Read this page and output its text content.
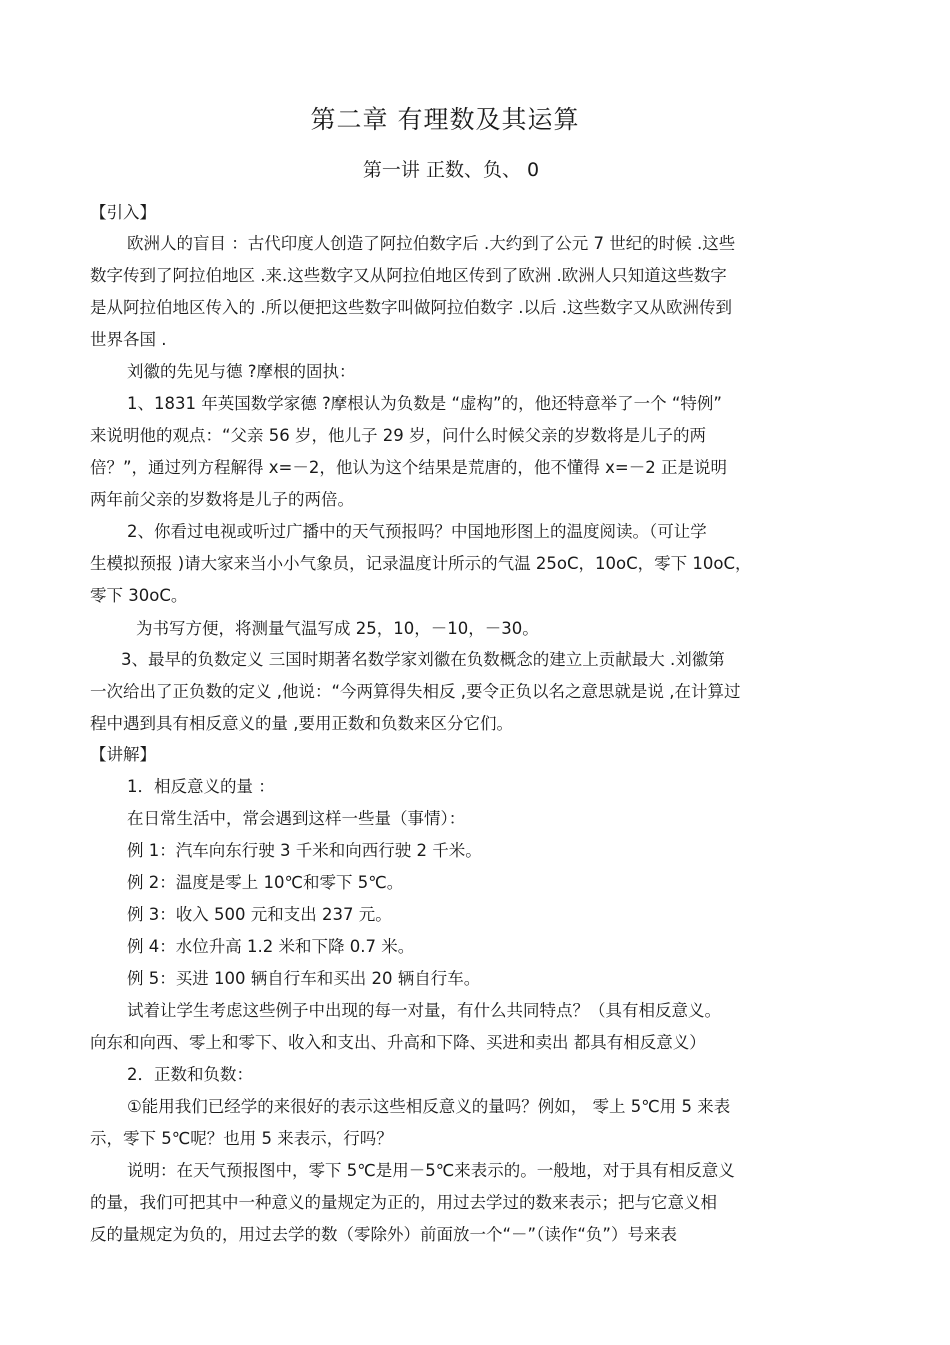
第二章 有理数及其运算
第一讲 正数、负、 0
【引入】
欧洲人的盲目 ：古代印度人创造了阿拉伯数字后 .大约到了公元 7 世纪的时候 .这些
数字传到了阿拉伯地区 .来.这些数字又从阿拉伯地区传到了欧洲 .欧洲人只知道这些数字
是从阿拉伯地区传入的 .所以便把这些数字叫做阿拉伯数字 .以后 .这些数字又从欧洲传到
世界各国 .
刘徽的先见与德 ?摩根的固执：
1、1831 年英国数学家德 ?摩根认为负数是 “虚构”的，他还特意举了一个 “特例”
来说明他的观点：“父亲 56 岁，他儿子 29 岁，问什么时候父亲的岁数将是儿子的两
倍？”，通过列方程解得 x=－2，他认为这个结果是荒唐的，他不懂得 x=－2 正是说明
两年前父亲的岁数将是儿子的两倍。
2、你看过电视或听过广播中的天气预报吗？中国地形图上的温度阅读。（可让学
生模拟预报 )请大家来当小小气象员，记录温度计所示的气温 25oC，10oC，零下 10oC，
零下 30oC。
为书写方便，将测量气温写成 25，10，－10，－30。
3、最早的负数定义 三国时期著名数学家刘徽在负数概念的建立上贡献最大 .刘徽第
一次给出了正负数的定义 ,他说：“今两算得失相反 ,要令正负以名之意思就是说 ,在计算过
程中遇到具有相反意义的量 ,要用正数和负数来区分它们。
【讲解】
1．相反意义的量 ：
在日常生活中，常会遇到这样一些量（事情）：
例 1：汽车向东行驶 3 千米和向西行驶 2 千米。
例 2：温度是零上 10℃和零下 5℃。
例 3：收入 500 元和支出 237 元。
例 4：水位升高 1.2 米和下降 0.7 米。
例 5：买进 100 辆自行车和买出 20 辆自行车。
试着让学生考虑这些例子中出现的每一对量，有什么共同特点？（具有相反意义。
向东和向西、零上和零下、收入和支出、升高和下降、买进和卖出 都具有相反意义）
2．正数和负数：
①能用我们已经学的来很好的表示这些相反意义的量吗？例如， 零上 5℃用 5 来表
示，零下 5℃呢？也用 5 来表示，行吗？
说明：在天气预报图中，零下 5℃是用－5℃来表示的。一般地，对于具有相反意义
的量，我们可把其中一种意义的量规定为正的，用过去学过的数来表示；把与它意义相
反的量规定为负的，用过去学的数（零除外）前面放一个“－”（读作“负”）号来表
